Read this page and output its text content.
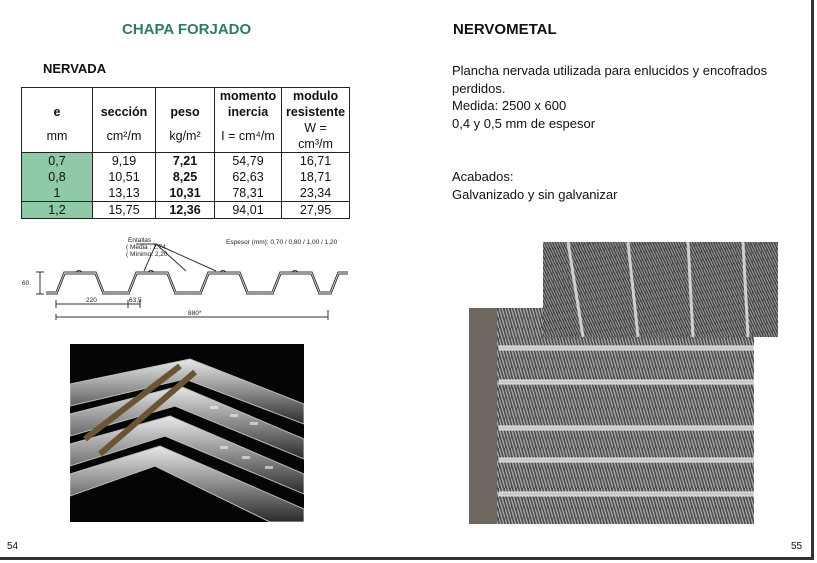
CHAPA FORJADO
NERVADA
			momento	modulo
e	sección	peso	inercia	resistente
mm	cm²/m	kg/m²	I = cm⁴/m	W = cm³/m
0,7	9,19	7,21	54,79	16,71
0,8	10,51	8,25	62,63	18,71
1	13,13	10,31	78,31	23,34
1,2	15,75	12,36	94,01	27,95
Entallas
( Media : 2,74
( Mínimo: 2,20
Espesor (mm): 0,70 / 0,80 / 1,00 / 1,20
60
220	63,5
880*
54
NERVOMETAL
Plancha nervada utilizada para enlucidos y encofrados
perdidos.
Medida: 2500 x 600
0,4 y 0,5 mm de espesor
Acabados:
Galvanizado y sin galvanizar
55
